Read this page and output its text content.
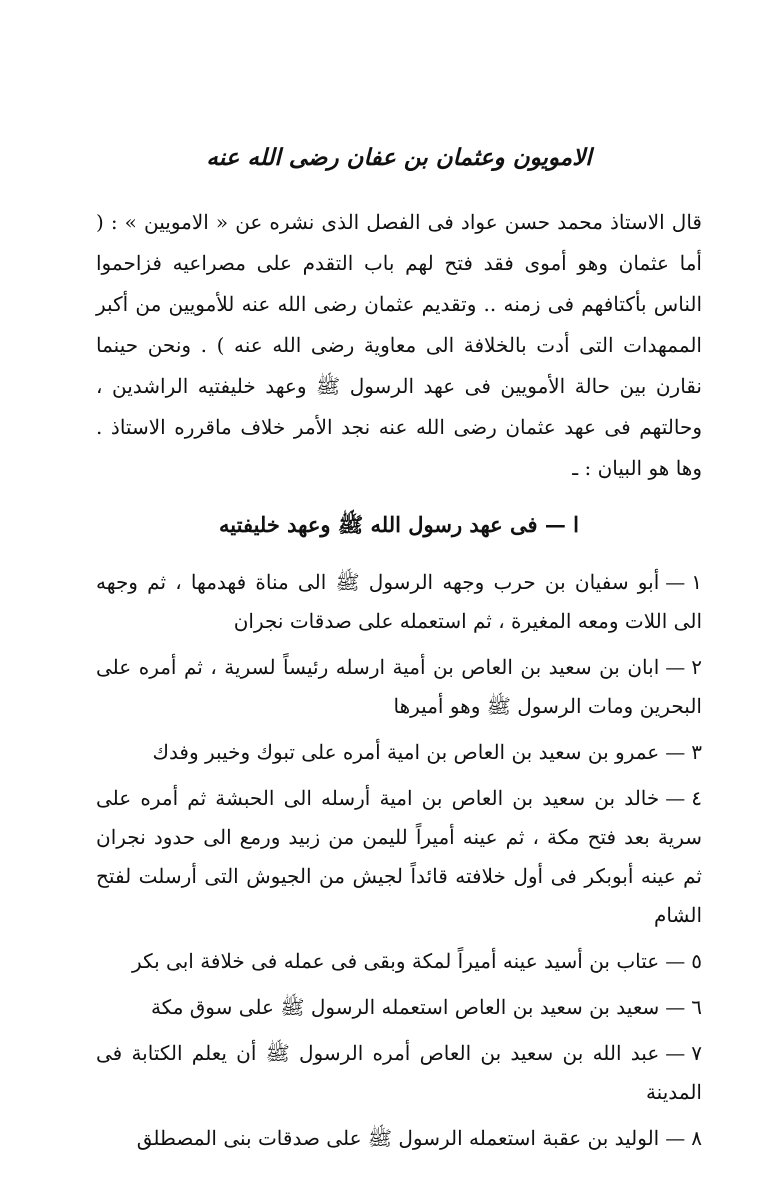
الامويون وعثمان بن عفان رضى الله عنه

قال الاستاذ محمد حسن عواد فى الفصل الذى نشره عن « الامويين » : ( أما عثمان وهو أموى فقد فتح لهم باب التقدم على مصراعيه فزاحموا الناس بأكتافهم فى زمنه .. وتقديم عثمان رضى الله عنه للأمويين من أكبر الممهدات التى أدت بالخلافة الى معاوية رضى الله عنه ) . ونحن حينما نقارن بين حالة الأمويين فى عهد الرسول ﷺ وعهد خليفتيه الراشدين ، وحالتهم فى عهد عثمان رضى الله عنه نجد الأمر خلاف ماقرره الاستاذ . وها هو البيان : ـ

ا — فى عهد رسول الله ﷺ وعهد خليفتيه
١—أبو سفيان بن حرب وجهه الرسول ﷺ الى مناة فهدمها ، ثم وجهه الى اللات ومعه المغيرة ، ثم استعمله على صدقات نجران
٢—ابان بن سعيد بن العاص بن أمية ارسله رئيساً لسرية ، ثم أمره على البحرين ومات الرسول ﷺ وهو أميرها
٣—عمرو بن سعيد بن العاص بن امية أمره على تبوك وخيبر وفدك
٤—خالد بن سعيد بن العاص بن امية أرسله الى الحبشة ثم أمره على سرية بعد فتح مكة ، ثم عينه أميراً لليمن من زبيد ورمع الى حدود نجران ثم عينه أبوبكر فى أول خلافته قائداً لجيش من الجيوش التى أرسلت لفتح الشام
٥—عتاب بن أسيد عينه أميراً لمكة وبقى فى عمله فى خلافة ابى بكر
٦—سعيد بن سعيد بن العاص استعمله الرسول ﷺ على سوق مكة
٧—عبد الله بن سعيد بن العاص أمره الرسول ﷺ أن يعلم الكتابة فى المدينة
٨—الوليد بن عقبة استعمله الرسول ﷺ على صدقات بنى المصطلق
